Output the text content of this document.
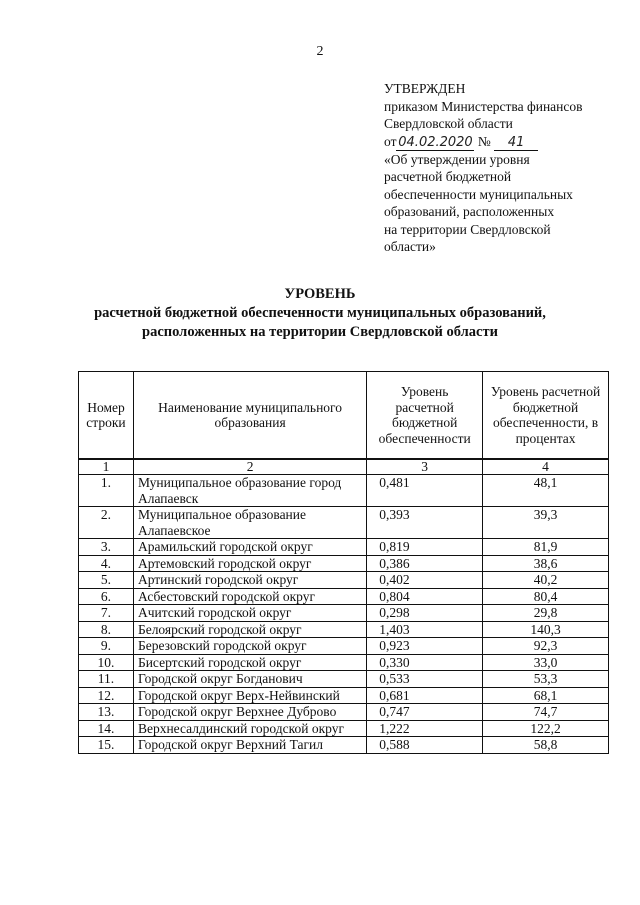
2
УТВЕРЖДЕН
приказом Министерства финансов
Свердловской области
от 04.02.2020 № 41
«Об утверждении уровня
расчетной бюджетной
обеспеченности муниципальных
образований, расположенных
на территории Свердловской
области»
УРОВЕНЬ
расчетной бюджетной обеспеченности муниципальных образований,
расположенных на территории Свердловской области
Номер строки	Наименование муниципального образования	Уровень расчетной бюджетной обеспеченности	Уровень расчетной бюджетной обеспеченности, в процентах
1	2	3	4
1.	Муниципальное образование город Алапаевск	0,481	48,1
2.	Муниципальное образование Алапаевское	0,393	39,3
3.	Арамильский городской округ	0,819	81,9
4.	Артемовский городской округ	0,386	38,6
5.	Артинский городской округ	0,402	40,2
6.	Асбестовский городской округ	0,804	80,4
7.	Ачитский городской округ	0,298	29,8
8.	Белоярский городской округ	1,403	140,3
9.	Березовский городской округ	0,923	92,3
10.	Бисертский городской округ	0,330	33,0
11.	Городской округ Богданович	0,533	53,3
12.	Городской округ Верх-Нейвинский	0,681	68,1
13.	Городской округ Верхнее Дуброво	0,747	74,7
14.	Верхнесалдинский городской округ	1,222	122,2
15.	Городской округ Верхний Тагил	0,588	58,8
